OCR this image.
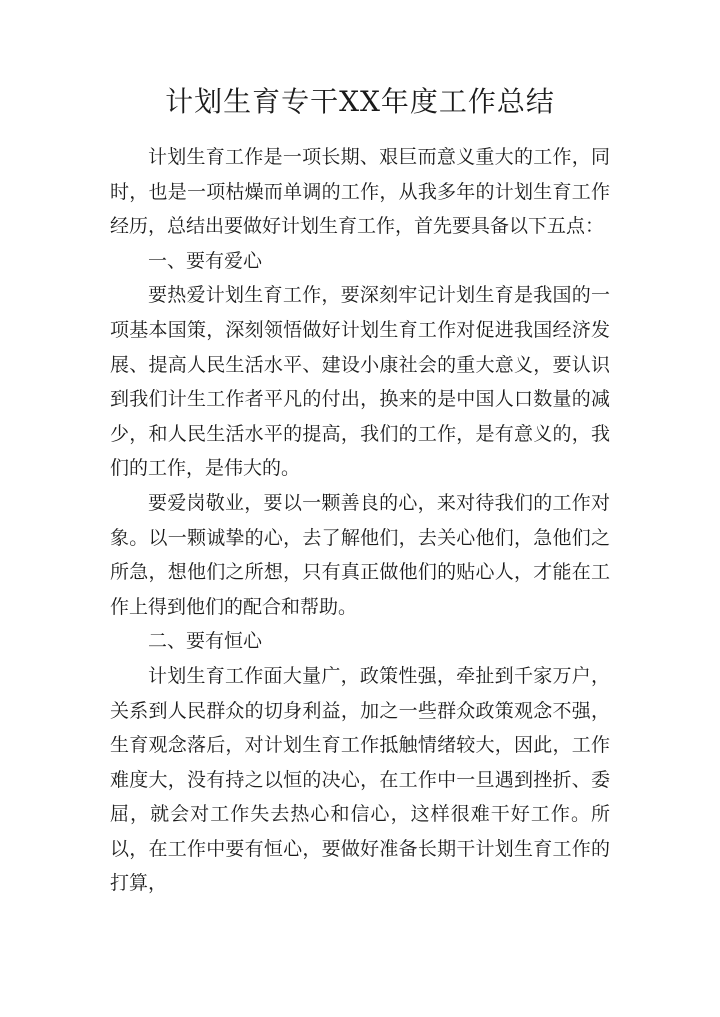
计划生育专干XX年度工作总结

计划生育工作是一项长期、艰巨而意义重大的工作，同时，也是一项枯燥而单调的工作，从我多年的计划生育工作经历，总结出要做好计划生育工作，首先要具备以下五点：

一、要有爱心

要热爱计划生育工作，要深刻牢记计划生育是我国的一项基本国策，深刻领悟做好计划生育工作对促进我国经济发展、提高人民生活水平、建设小康社会的重大意义，要认识到我们计生工作者平凡的付出，换来的是中国人口数量的减少，和人民生活水平的提高，我们的工作，是有意义的，我们的工作，是伟大的。

要爱岗敬业，要以一颗善良的心，来对待我们的工作对象。以一颗诚挚的心，去了解他们，去关心他们，急他们之所急，想他们之所想，只有真正做他们的贴心人，才能在工作上得到他们的配合和帮助。

二、要有恒心

计划生育工作面大量广，政策性强，牵扯到千家万户，关系到人民群众的切身利益，加之一些群众政策观念不强，生育观念落后，对计划生育工作抵触情绪较大，因此，工作难度大，没有持之以恒的决心，在工作中一旦遇到挫折、委屈，就会对工作失去热心和信心，这样很难干好工作。所以，在工作中要有恒心，要做好准备长期干计划生育工作的打算，
